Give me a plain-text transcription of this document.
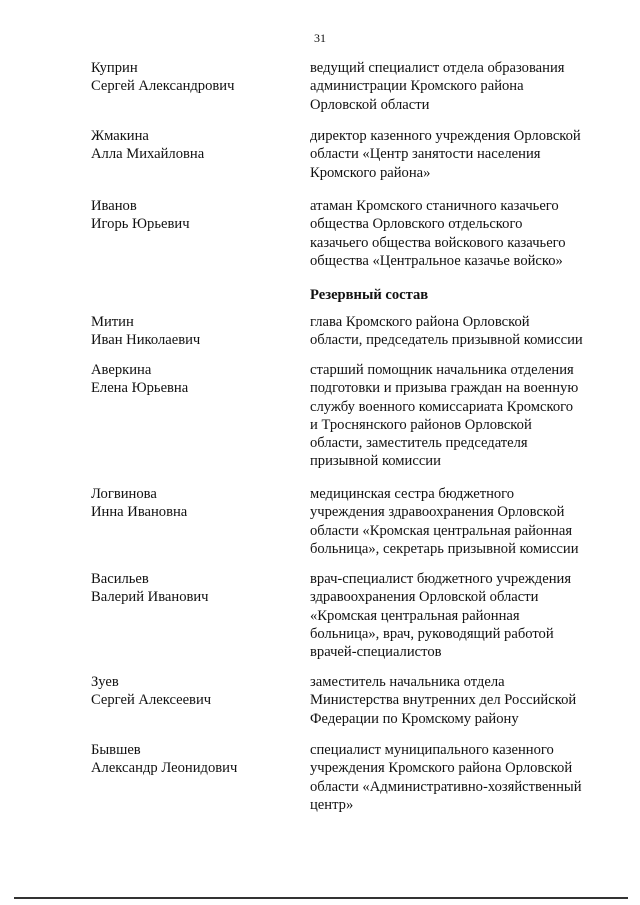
31
Куприн
Сергей Александрович
ведущий специалист отдела образования
администрации Кромского района
Орловской области
Жмакина
Алла Михайловна
директор казенного учреждения Орловской
области «Центр занятости населения
Кромского района»
Иванов
Игорь Юрьевич
атаман Кромского станичного казачьего
общества Орловского отдельского
казачьего общества войскового казачьего
общества «Центральное казачье войско»
Резервный состав
Митин
Иван Николаевич
глава Кромского района Орловской
области, председатель призывной комиссии
Аверкина
Елена Юрьевна
старший помощник начальника отделения
подготовки и призыва граждан на военную
службу военного комиссариата Кромского
и Троснянского районов Орловской
области, заместитель председателя
призывной комиссии
Логвинова
Инна Ивановна
медицинская сестра бюджетного
учреждения здравоохранения Орловской
области «Кромская центральная районная
больница», секретарь призывной комиссии
Васильев
Валерий Иванович
врач-специалист бюджетного учреждения
здравоохранения Орловской области
«Кромская центральная районная
больница», врач, руководящий работой
врачей-специалистов
Зуев
Сергей Алексеевич
заместитель начальника отдела
Министерства внутренних дел Российской
Федерации по Кромскому району
Бывшев
Александр Леонидович
специалист муниципального казенного
учреждения Кромского района Орловской
области «Административно-хозяйственный
центр»
